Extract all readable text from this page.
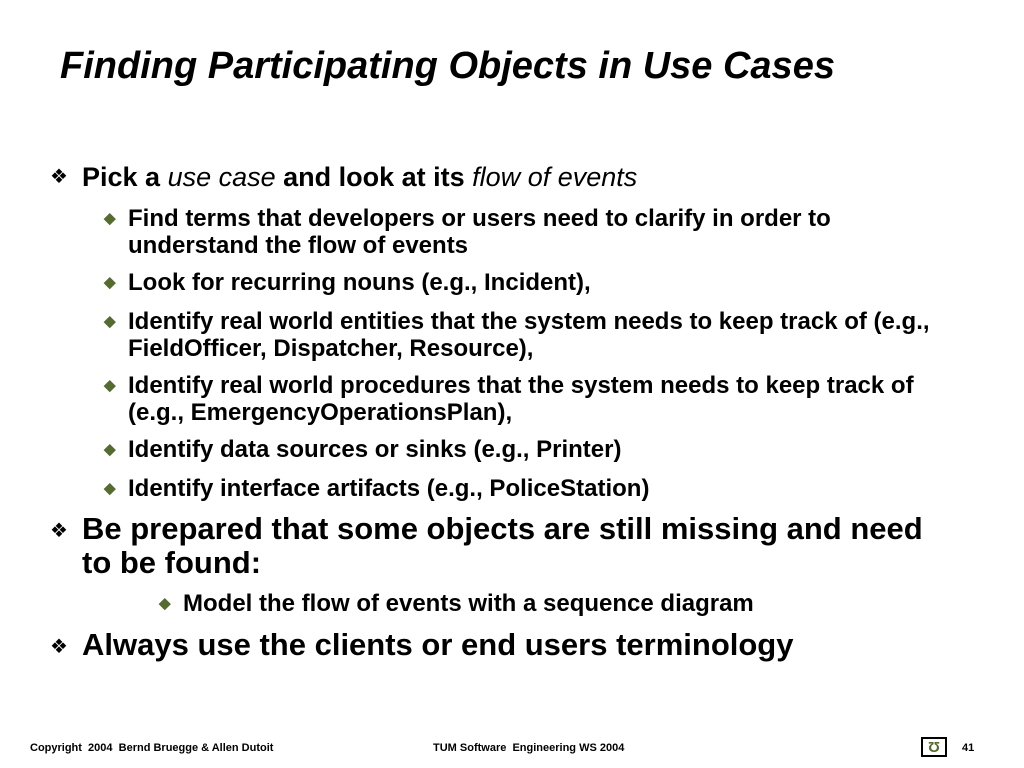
Finding Participating Objects in Use Cases
❖ Pick a use case and look at its flow of events
◆ Find terms that developers or users need to clarify in order to understand the flow of events
◆ Look for recurring nouns (e.g., Incident),
◆ Identify real world entities that the system needs to keep track of (e.g., FieldOfficer, Dispatcher, Resource),
◆ Identify real world procedures that the system needs to keep track of (e.g., EmergencyOperationsPlan),
◆ Identify data sources or sinks (e.g., Printer)
◆ Identify interface artifacts (e.g., PoliceStation)
❖ Be prepared that some objects are still missing and need to be found:
◆ Model the flow of events with a sequence diagram
❖ Always use the clients or end users terminology
Copyright  2004  Bernd Bruegge & Allen Dutoit	TUM Software  Engineering WS 2004	Ʊ	41
